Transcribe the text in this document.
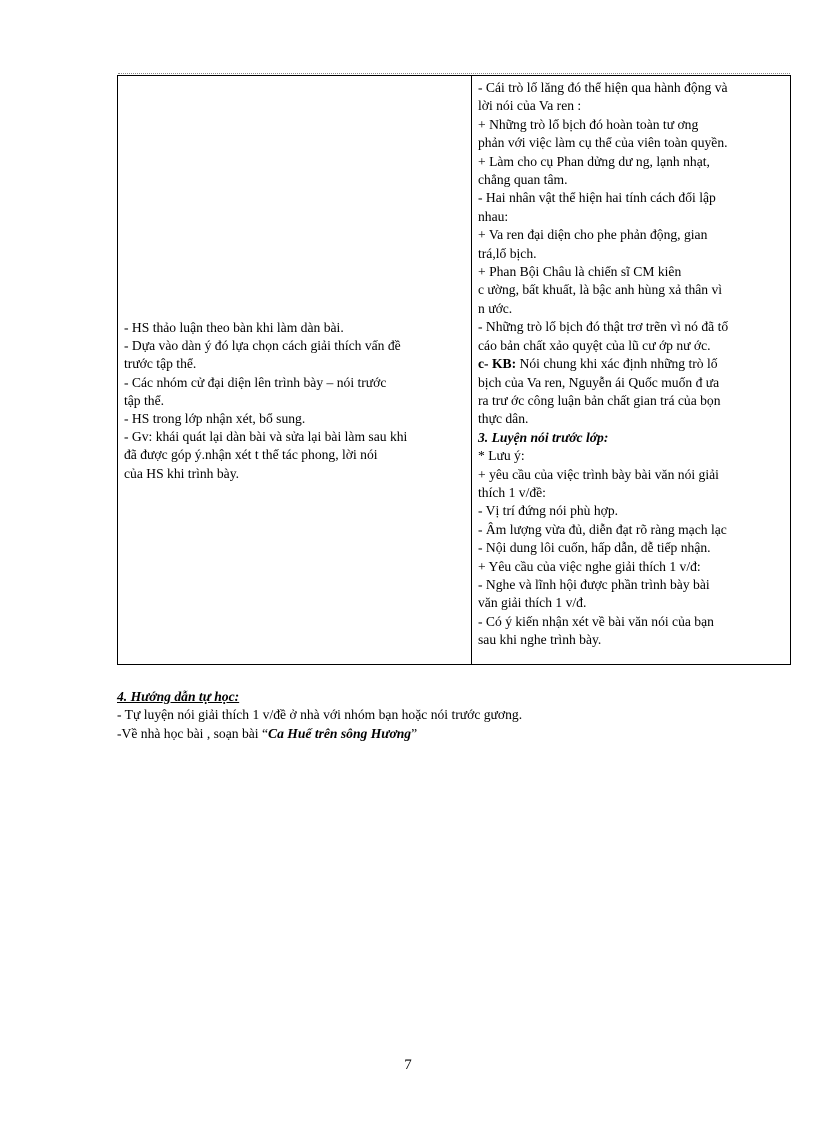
- HS thảo luận theo bàn khi làm dàn bài.
- Dựa vào dàn ý đó lựa chọn cách giải thích vấn đề
trước tập thể.
- Các nhóm cử đại diện lên trình bày – nói trước
tập thể.
- HS trong lớp nhận xét, bổ sung.
- Gv: khái quát lại dàn bài và sửa lại bài làm sau khi
đã được góp ý.nhận xét t thế tác phong, lời nói
của HS khi trình bày.
- Cái trò lố lăng đó thể hiện qua hành động và
lời nói của Va ren :
+ Những trò lố bịch đó hoàn toàn tư ơng
phản với việc làm cụ thể của viên toàn quyền.
+ Làm cho cụ Phan dửng dư ng, lạnh nhạt,
chẳng quan tâm.
- Hai nhân vật thể hiện hai tính cách đối lập
nhau:
+ Va ren đại diện cho phe phản động, gian
trá,lố bịch.
+ Phan Bội Châu là chiến sĩ CM kiên
c ường, bất khuất, là bậc anh hùng xả thân vì
n ước.
- Những trò lố bịch đó thật trơ trẽn vì nó đã tố
cáo bản chất xảo quyệt của lũ cư ớp nư ớc.
c- KB: Nói chung khi xác định những trò lố
bịch của Va ren, Nguyễn ái Quốc muốn đ ưa
ra trư ớc công luận bản chất gian trá của bọn
thực dân.
3. Luyện nói trước lớp:
* Lưu ý:
+ yêu cầu của việc trình bày bài văn nói giải
thích 1 v/đề:
- Vị trí đứng nói phù hợp.
- Âm lượng vừa đủ, diễn đạt rõ ràng mạch lạc
- Nội dung lôi cuốn, hấp dẫn, dễ tiếp nhận.
+ Yêu cầu của việc nghe giải thích 1 v/đ:
- Nghe và lĩnh hội được phần trình bày bài
văn giải thích 1 v/đ.
- Có ý kiến nhận xét về bài văn nói của bạn
sau khi nghe trình bày.
4. Hướng dẫn tự học:
- Tự luyện nói giải thích 1 v/đề ở nhà với nhóm bạn hoặc nói trước gương.
-Về nhà học bài , soạn bài “Ca Huế trên sông Hương”
7
